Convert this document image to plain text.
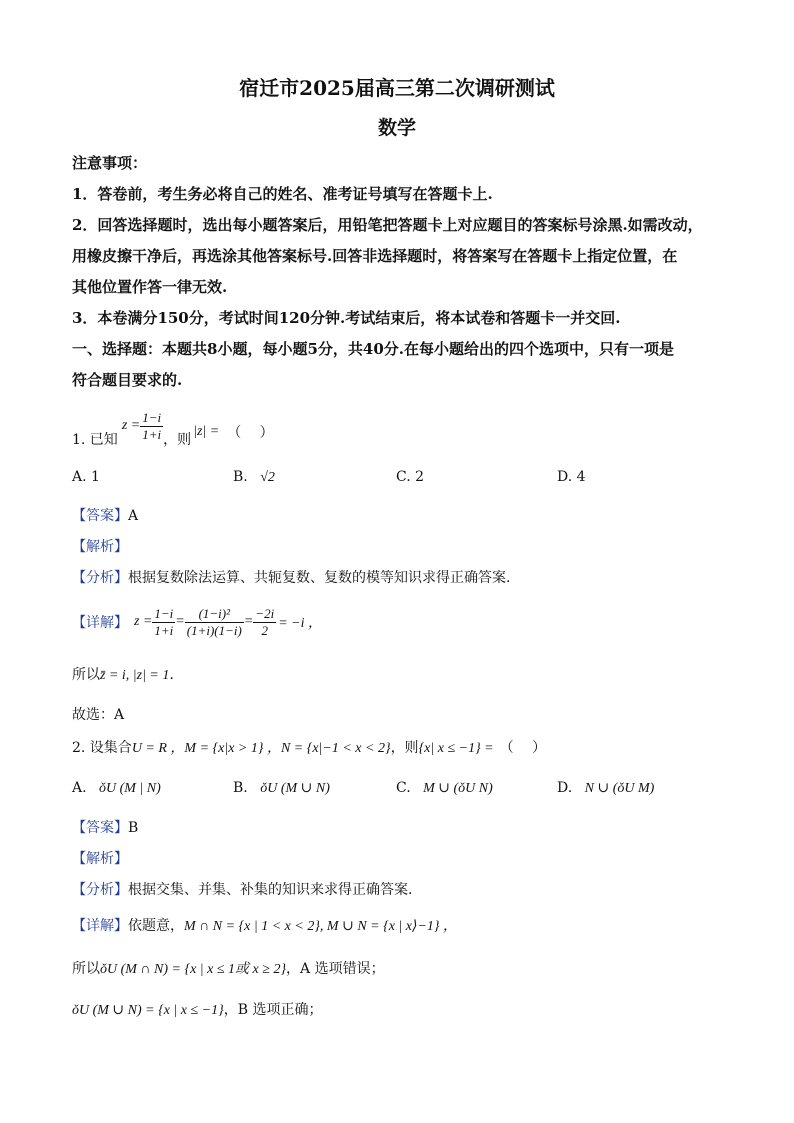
宿迁市2025届高三第二次调研测试
数学
注意事项：
1．答卷前，考生务必将自己的姓名、准考证号填写在答题卡上.
2．回答选择题时，选出每小题答案后，用铅笔把答题卡上对应题目的答案标号涂黑.如需改动，
用橡皮擦干净后，再选涂其他答案标号.回答非选择题时，将答案写在答题卡上指定位置，在
其他位置作答一律无效.
3．本卷满分150分，考试时间120分钟.考试结束后，将本试卷和答题卡一并交回.
一、选择题：本题共8小题，每小题5分，共40分.在每小题给出的四个选项中，只有一项是
符合题目要求的.
1. 已知
$z = \frac{1-i}{1+i}$ ，则
|z| = （　 ）
A. 1	B. √2	C. 2	D. 4
【答案】A
【解析】
【分析】根据复数除法运算、共轭复数、复数的模等知识求得正确答案.
【详解】 $z = \frac{1-i}{1+i} = \frac{\text{(1−i)²}}{(1+i)(1-i)} = \frac{-2i}{2} = -i$ ，
所以z̄ = i, |z| = 1.
故选：A
2. 设集合U = R ，M = {x|x > 1} ，N = {x|−1 < x < 2}，则{x| x ≤ −1} = （　 ）
A. ǒU (M | N)	B. ǒU (M ∪ N)	C. M ∪ (ǒU N)	D. N ∪ (ǒU M)
【答案】B
【解析】
【分析】根据交集、并集、补集的知识来求得正确答案.
【详解】依题意，M ∩ N = {x | 1 < x < 2}, M ∪ N = {x | x⟩−1} ，
所以ǒU (M ∩ N) = {x | x ≤ 1或 x ≥ 2}，A 选项错误；
ǒU (M ∪ N) = {x | x ≤ −1}，B 选项正确；
